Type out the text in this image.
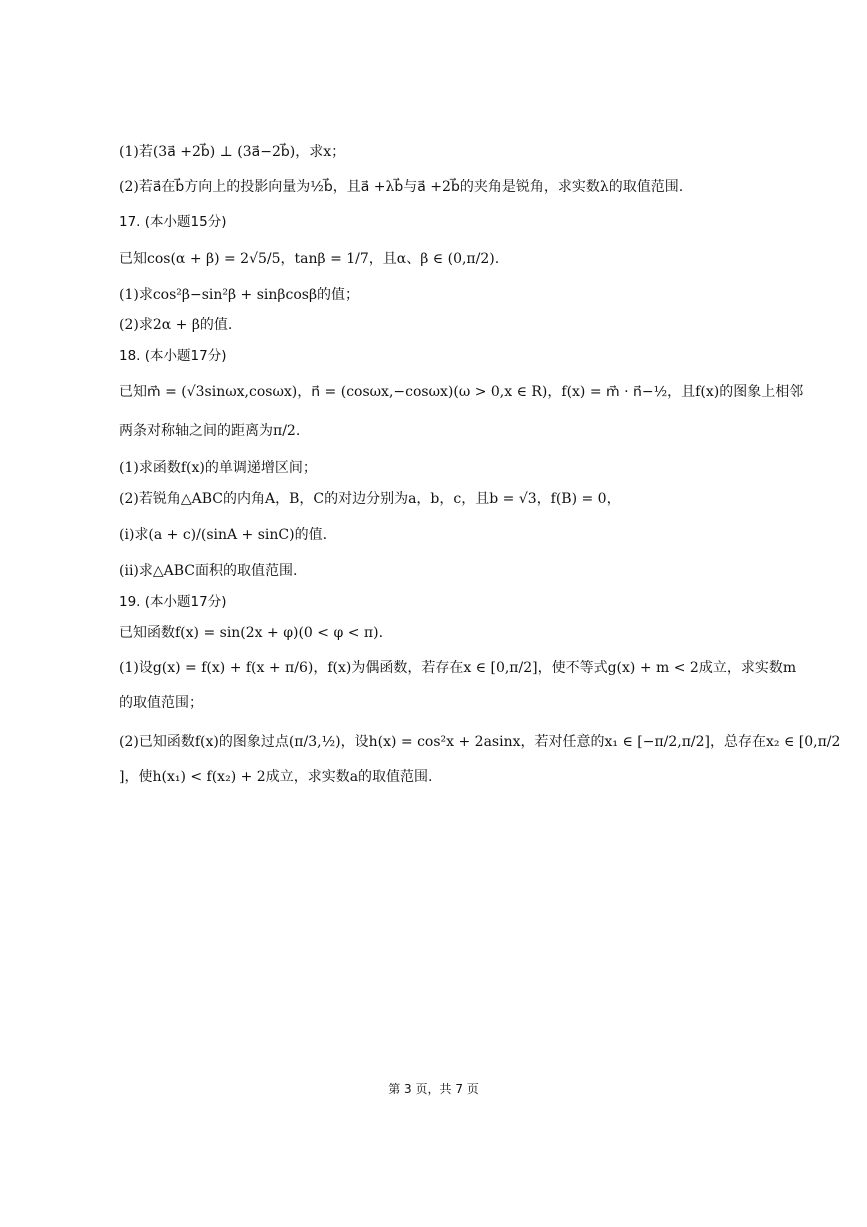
(1)若(3a⃗ +2b⃗) ⊥ (3a⃗−2b⃗)，求x；
(2)若a⃗在b⃗方向上的投影向量为½b⃗，且a⃗ +λb⃗与a⃗ +2b⃗的夹角是锐角，求实数λ的取值范围.
17. (本小题15分)
已知cos(α + β) = 2√5/5，tanβ = 1/7，且α、β ∈ (0,π/2).
(1)求cos²β−sin²β + sinβcosβ的值；
(2)求2α + β的值.
18. (本小题17分)
已知m⃗ = (√3sinωx,cosωx)，n⃗ = (cosωx,−cosωx)(ω > 0,x ∈ R)，f(x) = m⃗ · n⃗−½，且f(x)的图象上相邻
两条对称轴之间的距离为π/2.
(1)求函数f(x)的单调递增区间；
(2)若锐角△ABC的内角A，B，C的对边分别为a，b，c，且b = √3，f(B) = 0，
(i)求(a + c)/(sinA + sinC)的值.
(ii)求△ABC面积的取值范围.
19. (本小题17分)
已知函数f(x) = sin(2x + φ)(0 < φ < π).
(1)设g(x) = f(x) + f(x + π/6)，f(x)为偶函数，若存在x ∈ [0,π/2]，使不等式g(x) + m < 2成立，求实数m
的取值范围；
(2)已知函数f(x)的图象过点(π/3,½)，设h(x) = cos²x + 2asinx，若对任意的x₁ ∈ [−π/2,π/2]，总存在x₂ ∈ [0,π/2
]，使h(x₁) < f(x₂) + 2成立，求实数a的取值范围.
第 3 页，共 7 页
